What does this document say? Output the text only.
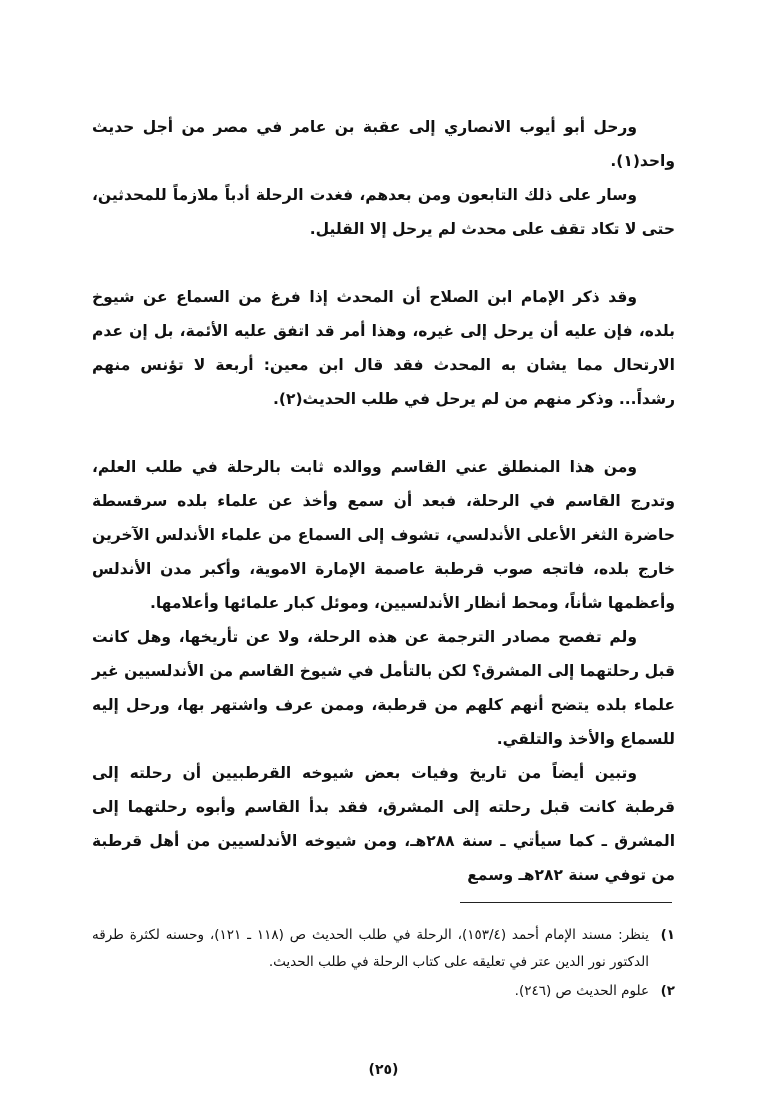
ورحل أبو أيوب الانصاري إلى عقبة بن عامر في مصر من أجل حديث واحد(١).

وسار على ذلك التابعون ومن بعدهم، فغدت الرحلة أدباً ملازماً للمحدثين، حتى لا تكاد تقف على محدث لم يرحل إلا القليل.

وقد ذكر الإمام ابن الصلاح أن المحدث إذا فرغ من السماع عن شيوخ بلده، فإن عليه أن يرحل إلى غيره، وهذا أمر قد اتفق عليه الأئمة، بل إن عدم الارتحال مما يشان به المحدث فقد قال ابن معين: أربعة لا تؤنس منهم رشداً... وذكر منهم من لم يرحل في طلب الحديث(٢).

ومن هذا المنطلق عني القاسم ووالده ثابت بالرحلة في طلب العلم، وتدرج القاسم في الرحلة، فبعد أن سمع وأخذ عن علماء بلده سرقسطة حاضرة الثغر الأعلى الأندلسي، تشوف إلى السماع من علماء الأندلس الآخرين خارج بلده، فاتجه صوب قرطبة عاصمة الإمارة الاموية، وأكبر مدن الأندلس وأعظمها شأناً، ومحط أنظار الأندلسيين، وموئل كبار علمائها وأعلامها.

ولم تفصح مصادر الترجمة عن هذه الرحلة، ولا عن تأريخها، وهل كانت قبل رحلتهما إلى المشرق؟ لكن بالتأمل في شيوخ القاسم من الأندلسيين غير علماء بلده يتضح أنهم كلهم من قرطبة، وممن عرف واشتهر بها، ورحل إليه للسماع والأخذ والتلقي.

وتبين أيضاً من تاريخ وفيات بعض شيوخه القرطبيين أن رحلته إلى قرطبة كانت قبل رحلته إلى المشرق، فقد بدأ القاسم وأبوه رحلتهما إلى المشرق ـ كما سيأتي ـ سنة ٢٨٨هـ، ومن شيوخه الأندلسيين من أهل قرطبة من توفي سنة ٢٨٢هـ وسمع

١)
ينظر: مسند الإمام أحمد (١٥٣/٤)، الرحلة في طلب الحديث ص (١١٨ ـ ١٢١)، وحسنه لكثرة طرقه الدكتور نور الدين عتر في تعليقه على كتاب الرحلة في طلب الحديث.

٢)
علوم الحديث ص (٢٤٦).

(٢٥)
